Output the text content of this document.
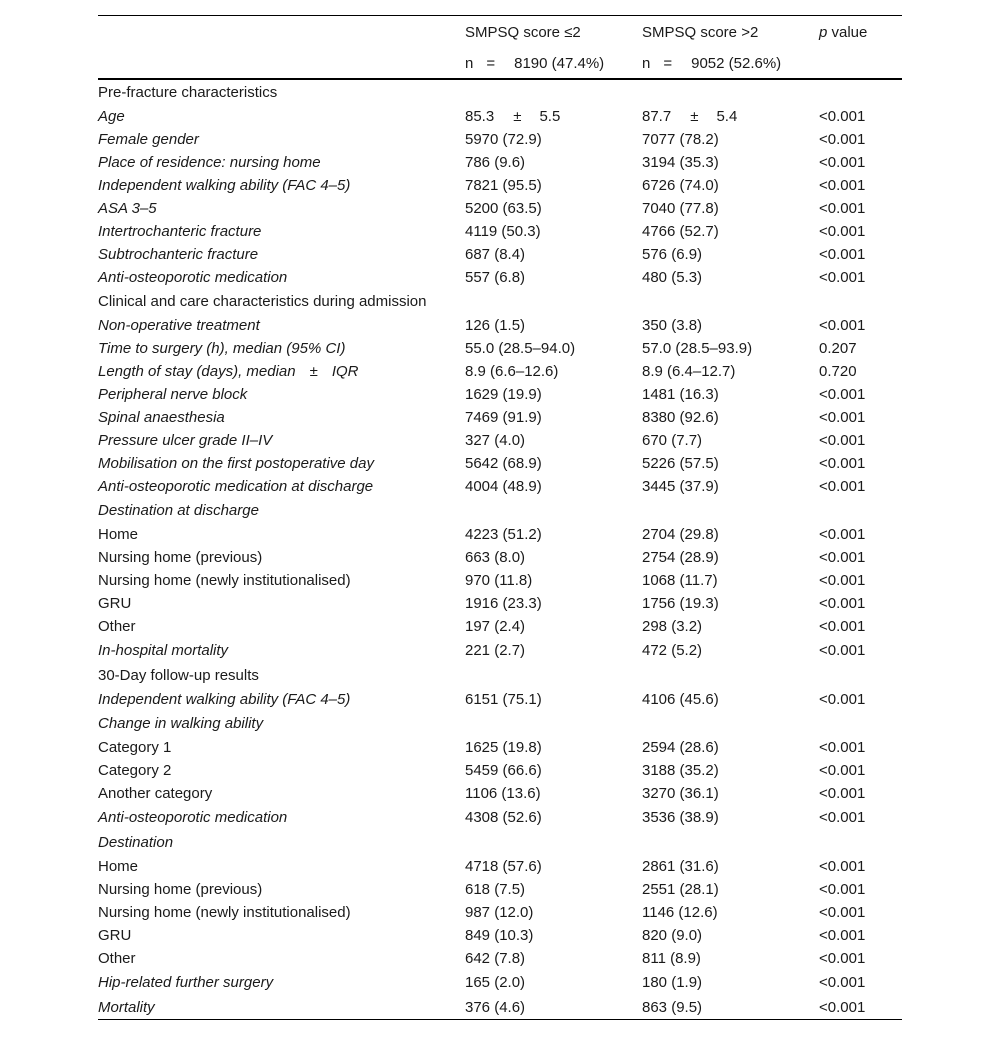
	SMPSQ score ≤2	SMPSQ score >2	p value
	n = 8190 (47.4%)	n = 9052 (52.6%)	
Pre-fracture characteristics			
Age	85.3 ± 5.5	87.7 ± 5.4	<0.001
Female gender	5970 (72.9)	7077 (78.2)	<0.001
Place of residence: nursing home	786 (9.6)	3194 (35.3)	<0.001
Independent walking ability (FAC 4–5)	7821 (95.5)	6726 (74.0)	<0.001
ASA 3–5	5200 (63.5)	7040 (77.8)	<0.001
Intertrochanteric fracture	4119 (50.3)	4766 (52.7)	<0.001
Subtrochanteric fracture	687 (8.4)	576 (6.9)	<0.001
Anti-osteoporotic medication	557 (6.8)	480 (5.3)	<0.001
Clinical and care characteristics during admission			
Non-operative treatment	126 (1.5)	350 (3.8)	<0.001
Time to surgery (h), median (95% CI)	55.0 (28.5–94.0)	57.0 (28.5–93.9)	0.207
Length of stay (days), median ± IQR	8.9 (6.6–12.6)	8.9 (6.4–12.7)	0.720
Peripheral nerve block	1629 (19.9)	1481 (16.3)	<0.001
Spinal anaesthesia	7469 (91.9)	8380 (92.6)	<0.001
Pressure ulcer grade II–IV	327 (4.0)	670 (7.7)	<0.001
Mobilisation on the first postoperative day	5642 (68.9)	5226 (57.5)	<0.001
Anti-osteoporotic medication at discharge	4004 (48.9)	3445 (37.9)	<0.001
Destination at discharge			
Home	4223 (51.2)	2704 (29.8)	<0.001
Nursing home (previous)	663 (8.0)	2754 (28.9)	<0.001
Nursing home (newly institutionalised)	970 (11.8)	1068 (11.7)	<0.001
GRU	1916 (23.3)	1756 (19.3)	<0.001
Other	197 (2.4)	298 (3.2)	<0.001
In-hospital mortality	221 (2.7)	472 (5.2)	<0.001
30-Day follow-up results			
Independent walking ability (FAC 4–5)	6151 (75.1)	4106 (45.6)	<0.001
Change in walking ability			
Category 1	1625 (19.8)	2594 (28.6)	<0.001
Category 2	5459 (66.6)	3188 (35.2)	<0.001
Another category	1106 (13.6)	3270 (36.1)	<0.001
Anti-osteoporotic medication	4308 (52.6)	3536 (38.9)	<0.001
Destination			
Home	4718 (57.6)	2861 (31.6)	<0.001
Nursing home (previous)	618 (7.5)	2551 (28.1)	<0.001
Nursing home (newly institutionalised)	987 (12.0)	1146 (12.6)	<0.001
GRU	849 (10.3)	820 (9.0)	<0.001
Other	642 (7.8)	811 (8.9)	<0.001
Hip-related further surgery	165 (2.0)	180 (1.9)	<0.001
Mortality	376 (4.6)	863 (9.5)	<0.001
